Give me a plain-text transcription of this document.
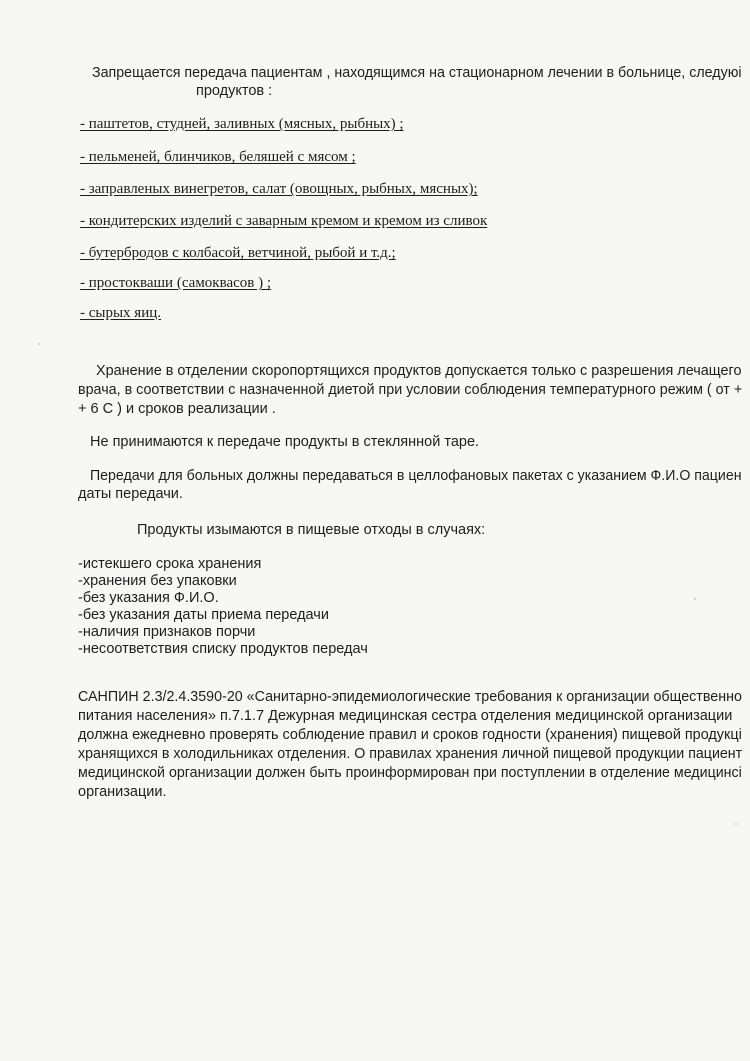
Запрещается передача пациентам , находящимся на стационарном лечении в больнице, следуюі
продуктов :
- паштетов, студней, заливных (мясных, рыбных) ;
- пельменей, блинчиков, беляшей с мясом ;
- заправленых винегретов, салат (овощных, рыбных, мясных);
- кондитерских изделий с заварным кремом и кремом из сливок
- бутербродов с колбасой, ветчиной, рыбой и т.д.;
- простокваши (самоквасов ) ;
- сырых яиц.
Хранение в отделении скоропортящихся продуктов допускается только с разрешения лечащего
врача, в соответствии с назначенной диетой при условии соблюдения температурного режим ( от +
+ 6 С ) и сроков реализации .
Не принимаются к передаче продукты в стеклянной таре.
Передачи для больных должны передаваться в целлофановых пакетах с указанием Ф.И.О пациен
даты передачи.
Продукты изымаются в пищевые отходы в случаях:
-истекшего срока хранения
-хранения без упаковки
-без указания Ф.И.О.
-без указания даты приема передачи
-наличия признаков порчи
-несоответствия списку продуктов передач
САНПИН 2.3/2.4.3590-20 «Санитарно-эпидемиологические требования к организации общественно
питания населения» п.7.1.7 Дежурная медицинская сестра отделения медицинской организации
должна ежедневно проверять соблюдение правил и сроков годности (хранения) пищевой продукці
хранящихся в холодильниках отделения. О правилах хранения личной пищевой продукции пациент
медицинской организации должен быть проинформирован при поступлении в отделение медицинсі
организации.
